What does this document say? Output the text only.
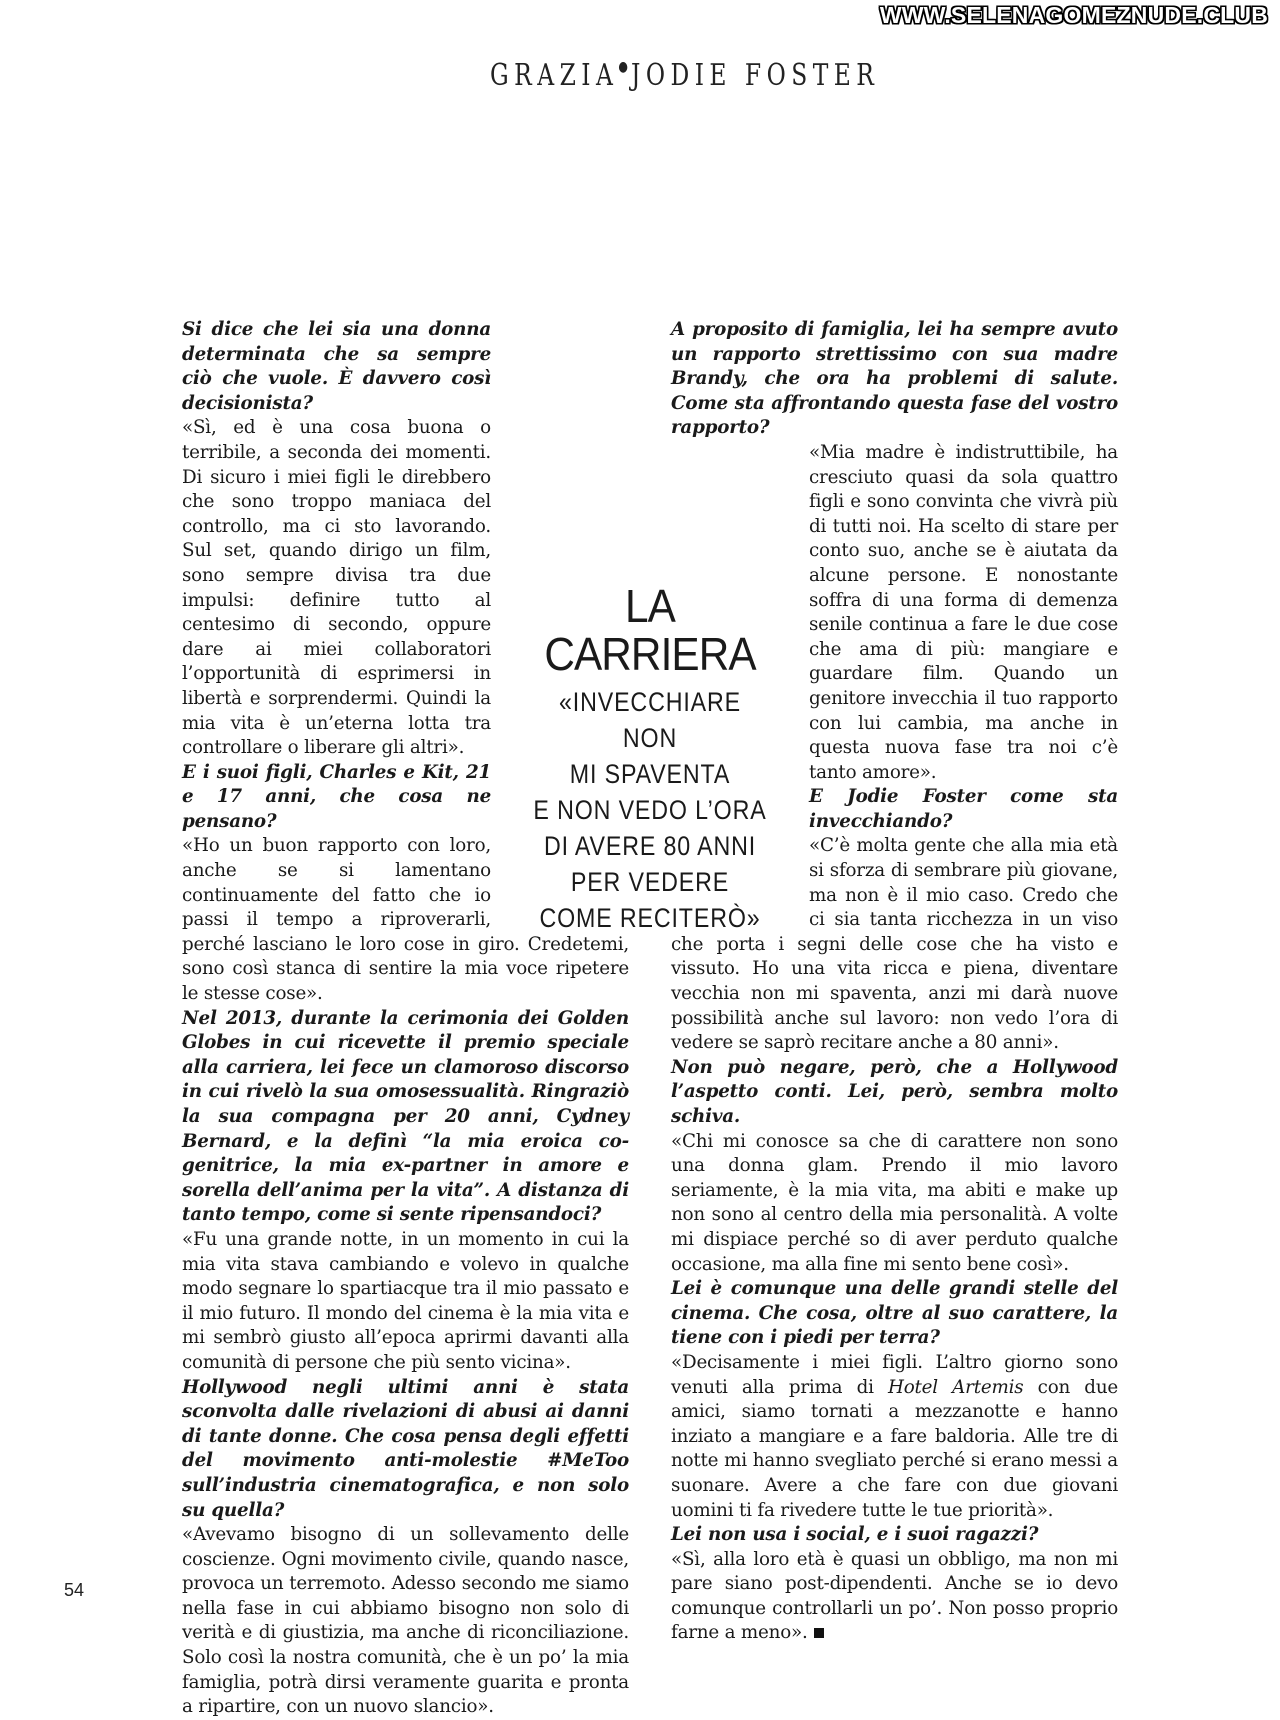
WWW.SELENAGOMEZNUDE.CLUB
GRAZIA●JODIE FOSTER

Si dice che lei sia una donna determinata che sa sempre ciò che vuole. È davvero così decisionista?

«Sì, ed è una cosa buona o terribile, a seconda dei momenti. Di sicuro i miei figli le direbbero che sono troppo maniaca del controllo, ma ci sto lavorando. Sul set, quando dirigo un film, sono sempre divisa tra due impulsi: definire tutto al centesimo di secondo, oppure dare ai miei collaboratori l’opportunità di esprimersi in libertà e sorprendermi. Quindi la mia vita è un’eterna lotta tra controllare o liberare gli altri».

E i suoi figli, Charles e Kit, 21 e 17 anni, che cosa ne pensano?

«Ho un buon rapporto con loro, anche se si lamentano continuamente del fatto che io passi il tempo a riproverarli, perché lasciano le loro cose in giro. Credetemi, sono così stanca di sentire la mia voce ripetere le stesse cose».

Nel 2013, durante la cerimonia dei Golden Globes in cui ricevette il premio speciale alla carriera, lei fece un clamoroso discorso in cui rivelò la sua omosessualità. Ringraziò la sua compagna per 20 anni, Cydney Bernard, e la definì “la mia eroica co-genitrice, la mia ex-partner in amore e sorella dell’anima per la vita”. A distanza di tanto tempo, come si sente ripensandoci?

«Fu una grande notte, in un momento in cui la mia vita stava cambiando e volevo in qualche modo segnare lo spartiacque tra il mio passato e il mio futuro. Il mondo del cinema è la mia vita e mi sembrò giusto all’epoca aprirmi davanti alla comunità di persone che più sento vicina».

Hollywood negli ultimi anni è stata sconvolta dalle rivelazioni di abusi ai danni di tante donne. Che cosa pensa degli effetti del movimento anti-molestie #MeToo sull’industria cinematografica, e non solo su quella?

«Avevamo bisogno di un sollevamento delle coscienze. Ogni movimento civile, quando nasce, provoca un terremoto. Adesso secondo me siamo nella fase in cui abbiamo bisogno non solo di verità e di giustizia, ma anche di riconciliazione. Solo così la nostra comunità, che è un po’ la mia famiglia, potrà dirsi veramente guarita e pronta a ripartire, con un nuovo slancio».

A proposito di famiglia, lei ha sempre avuto un rapporto strettissimo con sua madre Brandy, che ora ha problemi di salute. Come sta affrontando questa fase del vostro rapporto?

«Mia madre è indistruttibile, ha cresciuto quasi da sola quattro figli e sono convinta che vivrà più di tutti noi. Ha scelto di stare per conto suo, anche se è aiutata da alcune persone. E nonostante soffra di una forma di demenza senile continua a fare le due cose che ama di più: mangiare e guardare film. Quando un genitore invecchia il tuo rapporto con lui cambia, ma anche in questa nuova fase tra noi c’è tanto amore».

E Jodie Foster come sta invecchiando?

«C’è molta gente che alla mia età si sforza di sembrare più giovane, ma non è il mio caso. Credo che ci sia tanta ricchezza in un viso che porta i segni delle cose che ha visto e vissuto. Ho una vita ricca e piena, diventare vecchia non mi spaventa, anzi mi darà nuove possibilità anche sul lavoro: non vedo l’ora di vedere se saprò recitare anche a 80 anni».

Non può negare, però, che a Hollywood l’aspetto conti. Lei, però, sembra molto schiva.

«Chi mi conosce sa che di carattere non sono una donna glam. Prendo il mio lavoro seriamente, è la mia vita, ma abiti e make up non sono al centro della mia personalità. A volte mi dispiace perché so di aver perduto qualche occasione, ma alla fine mi sento bene così».

Lei è comunque una delle grandi stelle del cinema. Che cosa, oltre al suo carattere, la tiene con i piedi per terra?

«Decisamente i miei figli. L’altro giorno sono venuti alla prima di Hotel Artemis con due amici, siamo tornati a mezzanotte e hanno inziato a mangiare e a fare baldoria. Alle tre di notte mi hanno svegliato perché si erano messi a suonare. Avere a che fare con due giovani uomini ti fa rivedere tutte le tue priorità».

Lei non usa i social, e i suoi ragazzi?

«Sì, alla loro età è quasi un obbligo, ma non mi pare siano post-dipendenti. Anche se io devo comunque controllarli un po’. Non posso proprio farne a meno».

LA
CARRIERA
«INVECCHIARE NON
MI SPAVENTA
E NON VEDO L’ORA
DI AVERE 80 ANNI
PER VEDERE
COME RECITERÒ»
54
